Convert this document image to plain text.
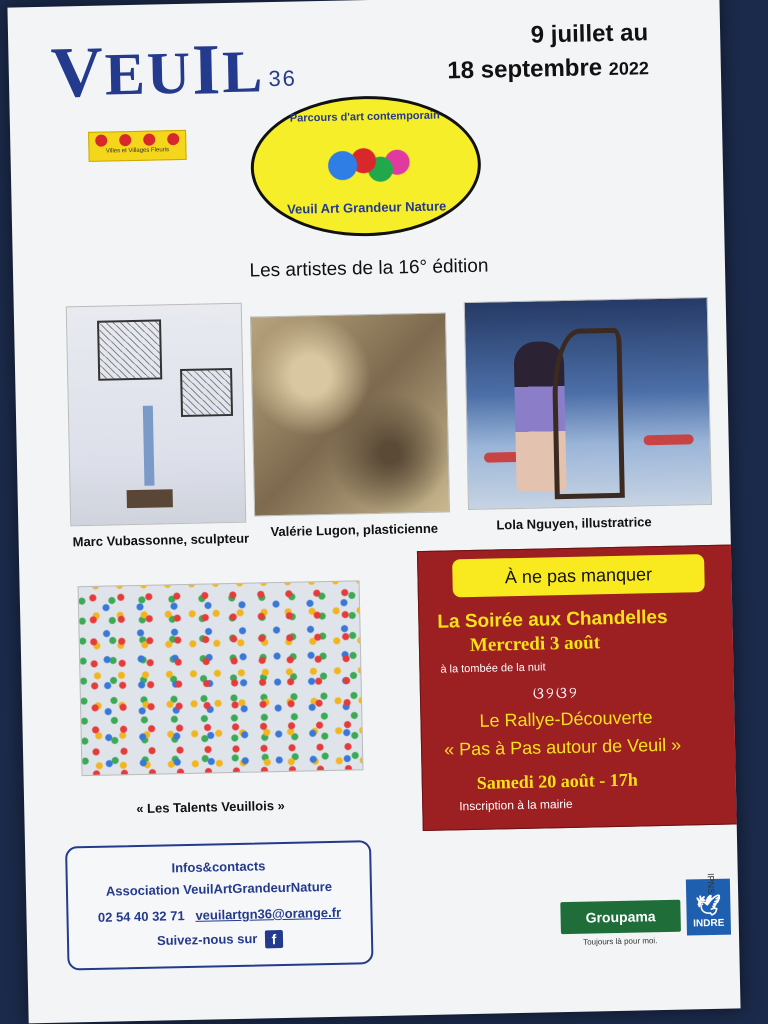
V
EU
I
L 36
Villes et Villages Fleuris
9 juillet au
18 septembre 2022
Parcours d'art contemporain
Veuil Art Grandeur Nature
Les artistes de la 16° édition
Marc Vubassonne, sculpteur
Valérie Lugon, plasticienne	Lola Nguyen, illustratrice
« Les Talents Veuillois »
À ne pas manquer
La Soirée aux Chandelles
Mercredi 3 août
à la tombée de la nuit
ଓ୨ଓ୨
Le Rallye-Découverte
« Pas à Pas autour de Veuil »
Samedi 20 août - 17h
Inscription à la mairie
Infos&contacts
Association VeuilArtGrandeurNature
02 54 40 32 71 veuilartgn36@orange.fr
Suivez-nous sur f
Groupama
Toujours là pour moi.
🕊
INDRE
IPNS
